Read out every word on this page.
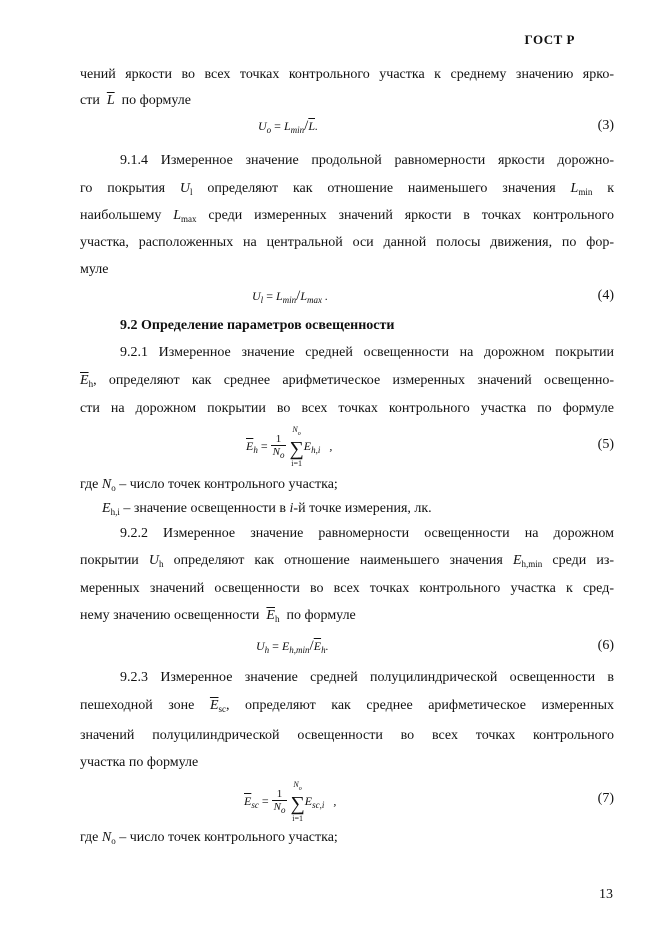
ГОСТ Р
чений яркости во всех точках контрольного участка к среднему значению ярко-
сти $\overline{L}$ по формуле
$U_o = L_{min}/\overline{L}$.	(3)
9.1.4 Измеренное значение продольной равномерности яркости дорожно-
го покрытия $U_l$ определяют как отношение наименьшего значения $L_{min}$ к
наибольшему $L_{max}$ среди измеренных значений яркости в точках контрольного
участка, расположенных на центральной оси данной полосы движения, по фор-
муле
$U_l = L_{min}/L_{max}$ .	(4)
9.2 Определение параметров освещенности
9.2.1 Измеренное значение средней освещенности на дорожном покрытии
$\overline{E}_h$, определяют как среднее арифметическое измеренных значений освещенно-
сти на дорожном покрытии во всех точках контрольного участка по формуле
$\overline{E}_h = \frac{1}{N_o}$
$N_o$
∑
$i=1E_{h,i}$ ,	(5)
где $N_o$ – число точек контрольного участка;
$E_{h,i}$ – значение освещенности в i-й точке измерения, лк.
9.2.2 Измеренное значение равномерности освещенности на дорожном
покрытии $U_h$ определяют как отношение наименьшего значения $E_{h,min}$ среди из-
меренных значений освещенности во всех точках контрольного участка к сред-
нему значению освещенности $\overline{E}_h$ по формуле
$U_h = E_{h,min}/\overline{E}_h$.	(6)
9.2.3 Измеренное значение средней полуцилиндрической освещенности в
пешеходной зоне $\overline{E}_{sc}$, определяют как среднее арифметическое измеренных
значений полуцилиндрической освещенности во всех точках контрольного
участка по формуле
$\overline{E}_{sc} = \frac{1}{N_o}$
$N_o$
∑
$i=1E_{sc,i}$ ,	(7)
где $N_o$ – число точек контрольного участка;
13
